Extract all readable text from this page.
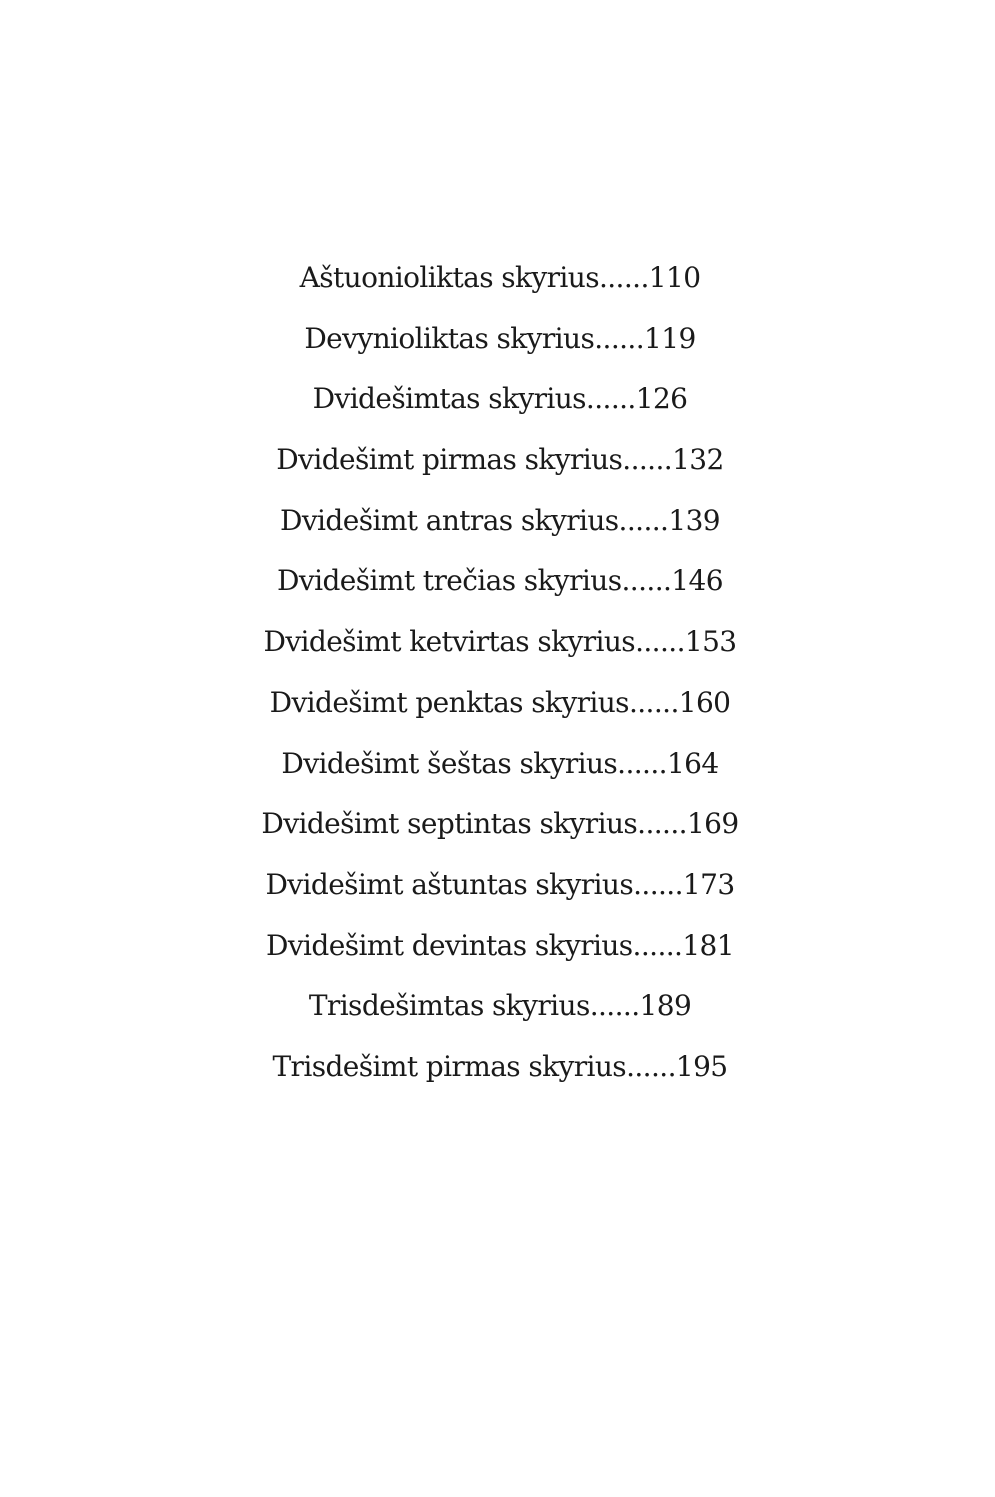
Aštuonioliktas skyrius......110
Devynioliktas skyrius......119
Dvidešimtas skyrius......126
Dvidešimt pirmas skyrius......132
Dvidešimt antras skyrius......139
Dvidešimt trečias skyrius......146
Dvidešimt ketvirtas skyrius......153
Dvidešimt penktas skyrius......160
Dvidešimt šeštas skyrius......164
Dvidešimt septintas skyrius......169
Dvidešimt aštuntas skyrius......173
Dvidešimt devintas skyrius......181
Trisdešimtas skyrius......189
Trisdešimt pirmas skyrius......195
